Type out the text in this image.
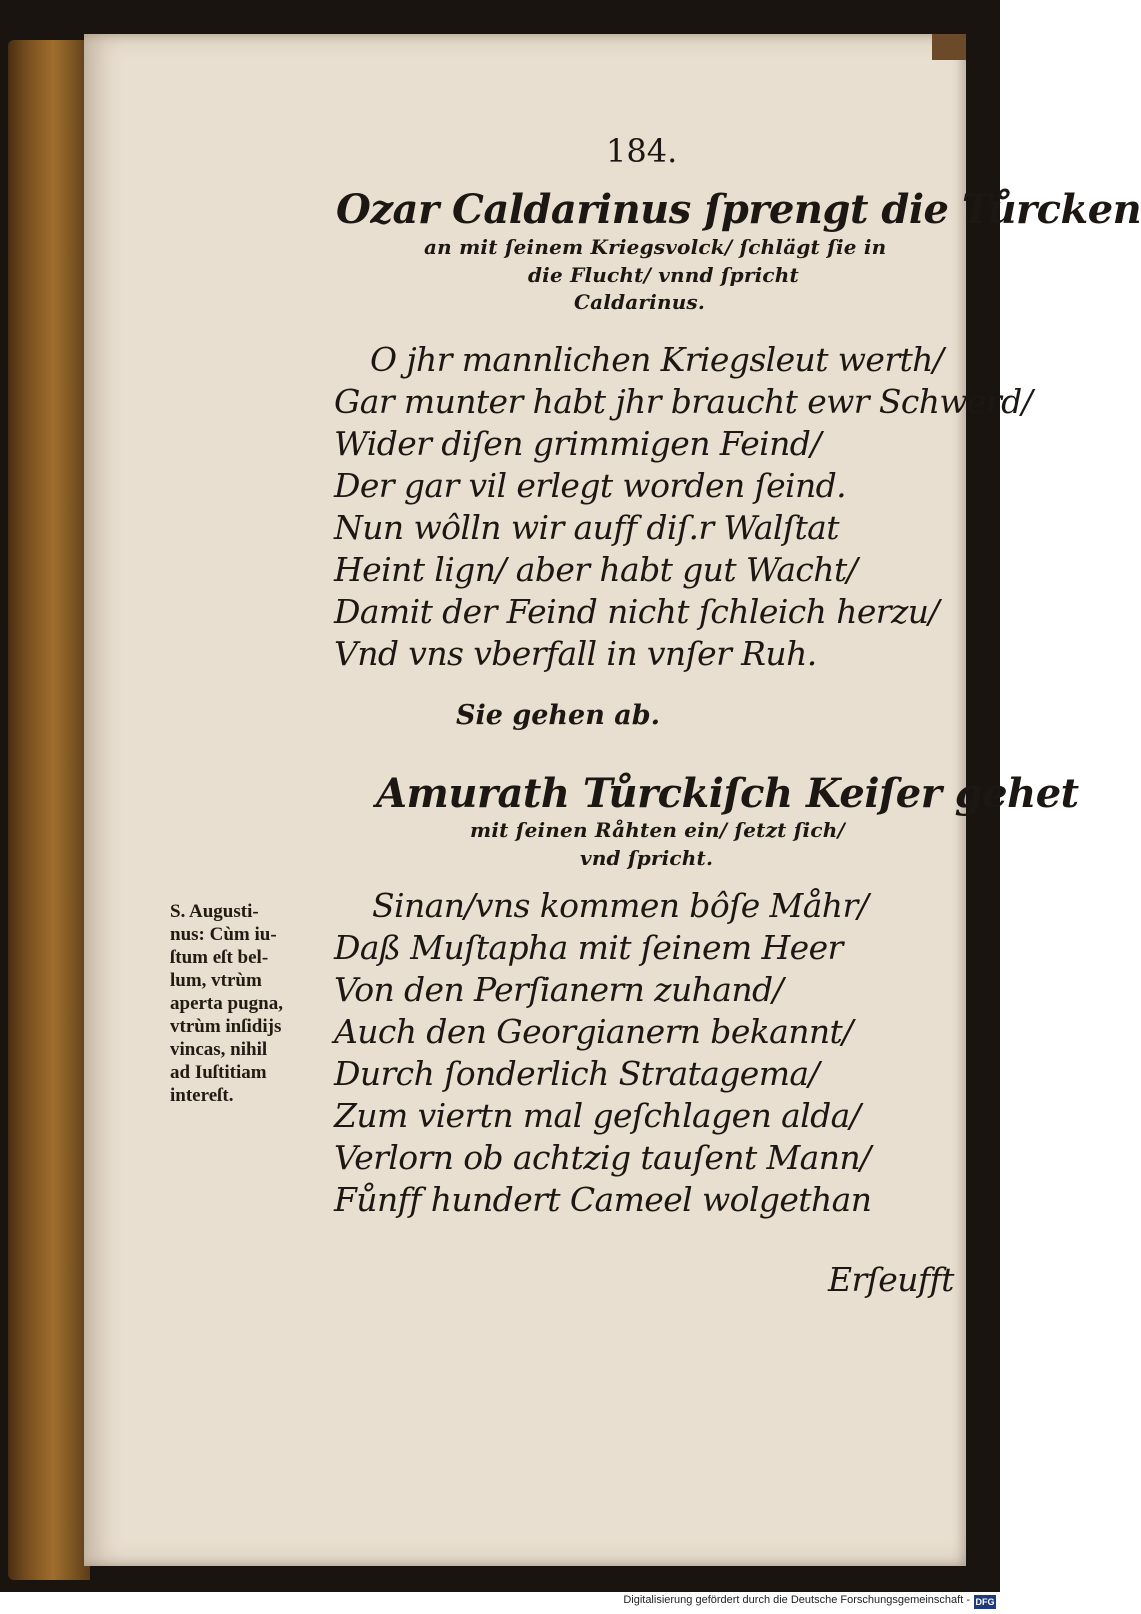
184.
Ozar Caldarinus ſprengt die Tůrcken
an mit ſeinem Kriegsvolck/ ſchlägt ſie in
die Flucht/ vnnd ſpricht
Caldarinus.
O jhr mannlichen Kriegsleut werth/
Gar munter habt jhr braucht ewr Schwerd/
Wider diſen grimmigen Feind/
Der gar vil erlegt worden ſeind.
Nun wôlln wir auff diſ.r Walſtat
Heint lign/ aber habt gut Wacht/
Damit der Feind nicht ſchleich herzu/
Vnd vns vberfall in vnſer Ruh.
Sie gehen ab.
Amurath Tůrckiſch Keiſer gehet
mit ſeinen Råhten ein/ ſetzt ſich/
vnd ſpricht.
S. Augusti-
nus: Cùm iu-
ſtum eſt bel-
lum, vtrùm
aperta pugna,
vtrùm inſidijs
vincas, nihil
ad Iuſtitiam
intereſt.
Sinan/vns kommen bôſe Måhr/
Daß Muſtapha mit ſeinem Heer
Von den Perſianern zuhand/
Auch den Georgianern bekannt/
Durch ſonderlich Stratagema/
Zum viertn mal geſchlagen alda/
Verlorn ob achtzig tauſent Mann/
Fůnff hundert Cameel wolgethan
Erſeufft
Digitalisierung gefördert durch die Deutsche Forschungsgemeinschaft - DFG
